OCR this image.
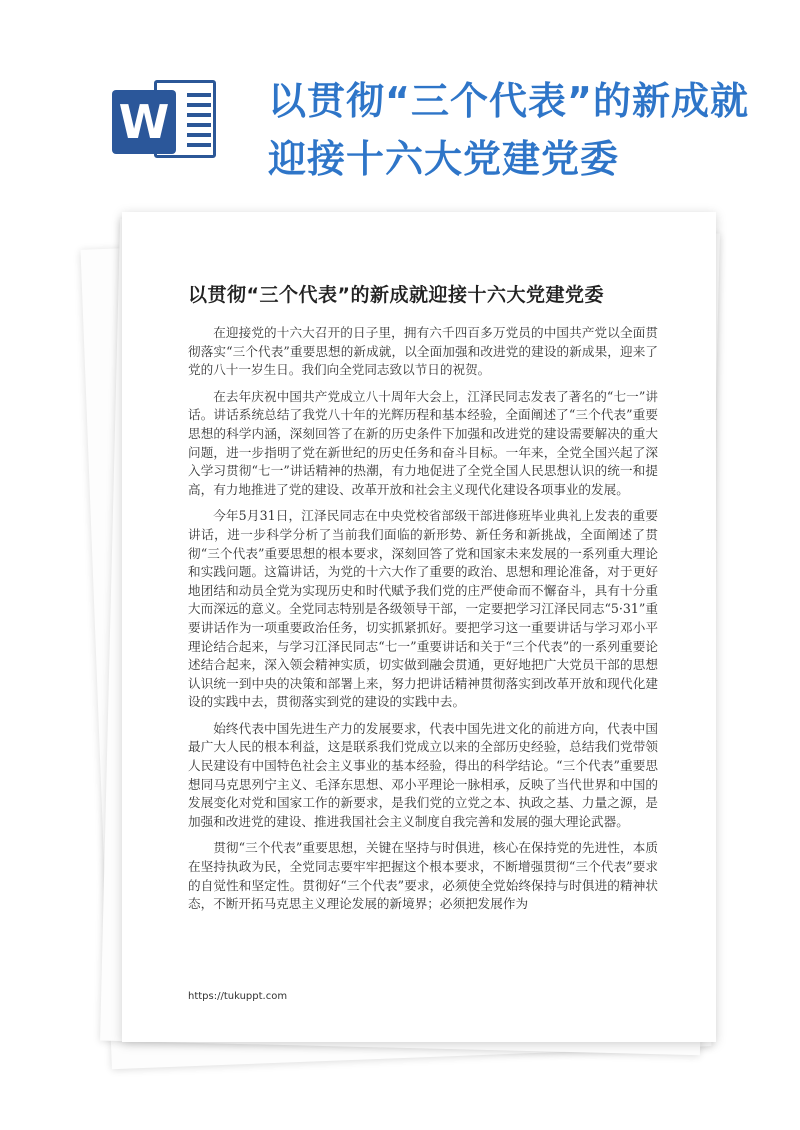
W	以贯彻“三个代表”的新成就
迎接十六大党建党委
以贯彻“三个代表”的新成就迎接十六大党建党委

在迎接党的十六大召开的日子里，拥有六千四百多万党员的中国共产党以全面贯彻落实“三个代表”重要思想的新成就，以全面加强和改进党的建设的新成果，迎来了党的八十一岁生日。我们向全党同志致以节日的祝贺。

在去年庆祝中国共产党成立八十周年大会上，江泽民同志发表了著名的“七一”讲话。讲话系统总结了我党八十年的光辉历程和基本经验，全面阐述了“三个代表”重要思想的科学内涵，深刻回答了在新的历史条件下加强和改进党的建设需要解决的重大问题，进一步指明了党在新世纪的历史任务和奋斗目标。一年来，全党全国兴起了深入学习贯彻“七一”讲话精神的热潮，有力地促进了全党全国人民思想认识的统一和提高，有力地推进了党的建设、改革开放和社会主义现代化建设各项事业的发展。

今年5月31日，江泽民同志在中央党校省部级干部进修班毕业典礼上发表的重要讲话，进一步科学分析了当前我们面临的新形势、新任务和新挑战，全面阐述了贯彻“三个代表”重要思想的根本要求，深刻回答了党和国家未来发展的一系列重大理论和实践问题。这篇讲话，为党的十六大作了重要的政治、思想和理论准备，对于更好地团结和动员全党为实现历史和时代赋予我们党的庄严使命而不懈奋斗，具有十分重大而深远的意义。全党同志特别是各级领导干部，一定要把学习江泽民同志“5·31”重要讲话作为一项重要政治任务，切实抓紧抓好。要把学习这一重要讲话与学习邓小平理论结合起来，与学习江泽民同志“七一”重要讲话和关于“三个代表”的一系列重要论述结合起来，深入领会精神实质，切实做到融会贯通，更好地把广大党员干部的思想认识统一到中央的决策和部署上来，努力把讲话精神贯彻落实到改革开放和现代化建设的实践中去，贯彻落实到党的建设的实践中去。

始终代表中国先进生产力的发展要求，代表中国先进文化的前进方向，代表中国最广大人民的根本利益，这是联系我们党成立以来的全部历史经验，总结我们党带领人民建设有中国特色社会主义事业的基本经验，得出的科学结论。“三个代表”重要思想同马克思列宁主义、毛泽东思想、邓小平理论一脉相承，反映了当代世界和中国的发展变化对党和国家工作的新要求，是我们党的立党之本、执政之基、力量之源，是加强和改进党的建设、推进我国社会主义制度自我完善和发展的强大理论武器。

贯彻“三个代表”重要思想，关键在坚持与时俱进，核心在保持党的先进性，本质在坚持执政为民，全党同志要牢牢把握这个根本要求，不断增强贯彻“三个代表”要求的自觉性和坚定性。贯彻好“三个代表”要求，必须使全党始终保持与时俱进的精神状态，不断开拓马克思主义理论发展的新境界；必须把发展作为

https://tukuppt.com
